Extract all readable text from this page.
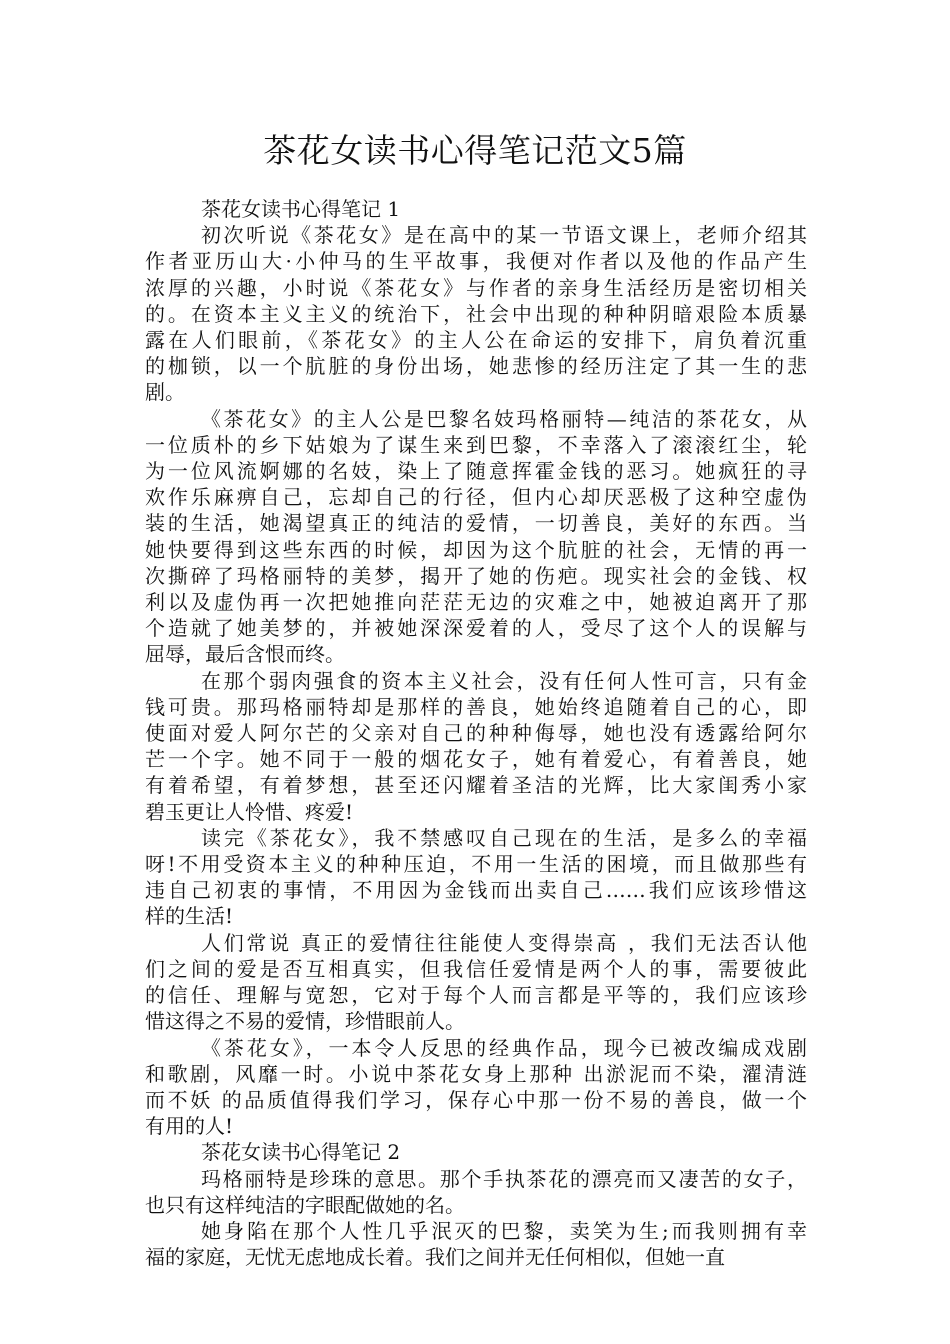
茶花女读书心得笔记范文5篇
茶花女读书心得笔记 1
初次听说《茶花女》是在高中的某一节语文课上，老师介绍其
作者亚历山大·小仲马的生平故事，我便对作者以及他的作品产生
浓厚的兴趣，小时说《茶花女》与作者的亲身生活经历是密切相关
的。在资本主义主义的统治下，社会中出现的种种阴暗艰险本质暴
露在人们眼前，《茶花女》的主人公在命运的安排下，肩负着沉重
的枷锁，以一个肮脏的身份出场，她悲惨的经历注定了其一生的悲
剧。
《茶花女》的主人公是巴黎名妓玛格丽特—纯洁的茶花女，从
一位质朴的乡下姑娘为了谋生来到巴黎，不幸落入了滚滚红尘，轮
为一位风流婀娜的名妓，染上了随意挥霍金钱的恶习。她疯狂的寻
欢作乐麻痹自己，忘却自己的行径，但内心却厌恶极了这种空虚伪
装的生活，她渴望真正的纯洁的爱情，一切善良，美好的东西。当
她快要得到这些东西的时候，却因为这个肮脏的社会，无情的再一
次撕碎了玛格丽特的美梦，揭开了她的伤疤。现实社会的金钱、权
利以及虚伪再一次把她推向茫茫无边的灾难之中，她被迫离开了那
个造就了她美梦的，并被她深深爱着的人，受尽了这个人的误解与
屈辱，最后含恨而终。
在那个弱肉强食的资本主义社会，没有任何人性可言，只有金
钱可贵。那玛格丽特却是那样的善良，她始终追随着自己的心，即
使面对爱人阿尔芒的父亲对自己的种种侮辱，她也没有透露给阿尔
芒一个字。她不同于一般的烟花女子，她有着爱心，有着善良，她
有着希望，有着梦想，甚至还闪耀着圣洁的光辉，比大家闺秀小家
碧玉更让人怜惜、疼爱!
读完《茶花女》，我不禁感叹自己现在的生活，是多么的幸福
呀!不用受资本主义的种种压迫，不用一生活的困境，而且做那些有
违自己初衷的事情，不用因为金钱而出卖自己……我们应该珍惜这
样的生活!
人们常说 真正的爱情往往能使人变得崇高 ，我们无法否认他
们之间的爱是否互相真实，但我信任爱情是两个人的事，需要彼此
的信任、理解与宽恕，它对于每个人而言都是平等的，我们应该珍
惜这得之不易的爱情，珍惜眼前人。
《茶花女》，一本令人反思的经典作品，现今已被改编成戏剧
和歌剧，风靡一时。小说中茶花女身上那种 出淤泥而不染，濯清涟
而不妖 的品质值得我们学习，保存心中那一份不易的善良，做一个
有用的人!
茶花女读书心得笔记 2
玛格丽特是珍珠的意思。那个手执茶花的漂亮而又凄苦的女子，
也只有这样纯洁的字眼配做她的名。
她身陷在那个人性几乎泯灭的巴黎，卖笑为生;而我则拥有幸
福的家庭，无忧无虑地成长着。我们之间并无任何相似，但她一直
